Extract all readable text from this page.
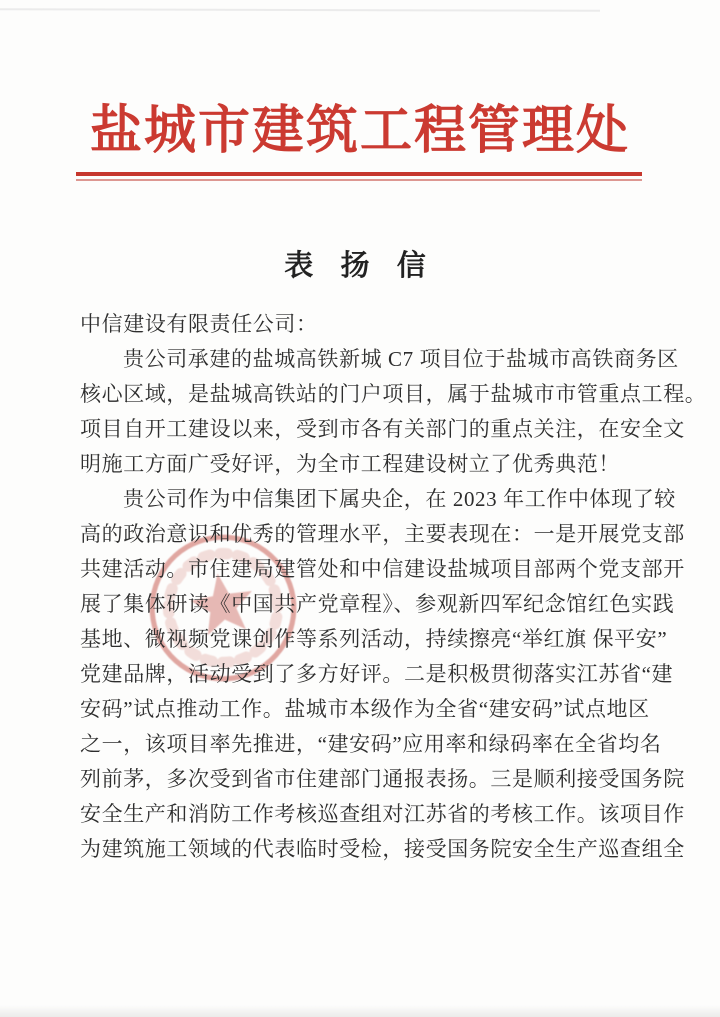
盐城市建筑工程管理处
表 扬 信
中信建设有限责任公司：
贵公司承建的盐城高铁新城 C7 项目位于盐城市高铁商务区
核心区域，是盐城高铁站的门户项目，属于盐城市市管重点工程。
项目自开工建设以来，受到市各有关部门的重点关注，在安全文
明施工方面广受好评，为全市工程建设树立了优秀典范！
贵公司作为中信集团下属央企，在 2023 年工作中体现了较
高的政治意识和优秀的管理水平，主要表现在：一是开展党支部
共建活动。市住建局建管处和中信建设盐城项目部两个党支部开
展了集体研读《中国共产党章程》、参观新四军纪念馆红色实践
基地、微视频党课创作等系列活动，持续擦亮“举红旗 保平安”
党建品牌，活动受到了多方好评。二是积极贯彻落实江苏省“建
安码”试点推动工作。盐城市本级作为全省“建安码”试点地区
之一，该项目率先推进，“建安码”应用率和绿码率在全省均名
列前茅，多次受到省市住建部门通报表扬。三是顺利接受国务院
安全生产和消防工作考核巡查组对江苏省的考核工作。该项目作
为建筑施工领域的代表临时受检，接受国务院安全生产巡查组全
